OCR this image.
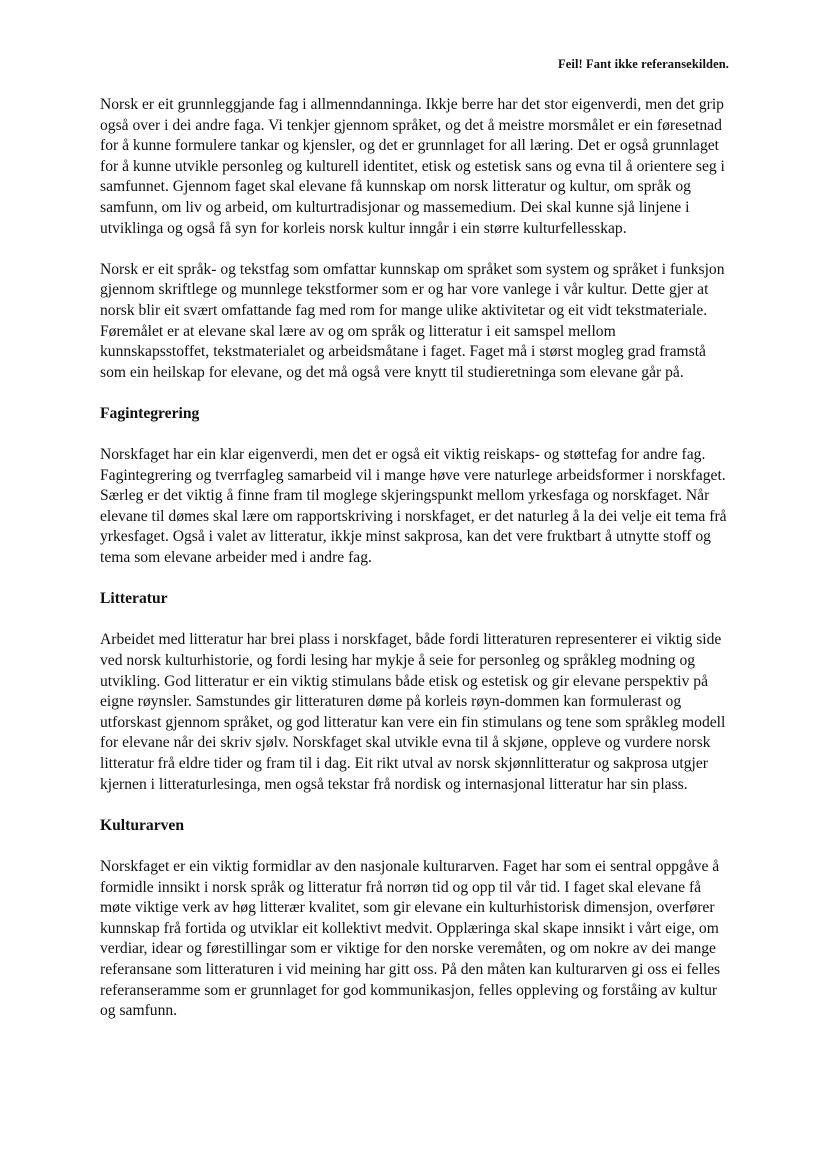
Feil! Fant ikke referansekilden.

Norsk er eit grunnleggjande fag i allmenndanninga. Ikkje berre har det stor eigenverdi, men det grip også over i dei andre faga. Vi tenkjer gjennom språket, og det å meistre morsmålet er ein føresetnad for å kunne formulere tankar og kjensler, og det er grunnlaget for all læring. Det er også grunnlaget for å kunne utvikle personleg og kulturell identitet, etisk og estetisk sans og evna til å orientere seg i samfunnet. Gjennom faget skal elevane få kunnskap om norsk litteratur og kultur, om språk og samfunn, om liv og arbeid, om kulturtradisjonar og massemedium. Dei skal kunne sjå linjene i utviklinga og også få syn for korleis norsk kultur inngår i ein større kulturfellesskap.

Norsk er eit språk- og tekstfag som omfattar kunnskap om språket som system og språket i funksjon gjennom skriftlege og munnlege tekstformer som er og har vore vanlege i vår kultur. Dette gjer at norsk blir eit svært omfattande fag med rom for mange ulike aktivitetar og eit vidt tekstmateriale. Føremålet er at elevane skal lære av og om språk og litteratur i eit samspel mellom kunnskapsstoffet, tekstmaterialet og arbeidsmåtane i faget. Faget må i størst mogleg grad framstå som ein heilskap for elevane, og det må også vere knytt til studieretninga som elevane går på.

Fagintegrering

Norskfaget har ein klar eigenverdi, men det er også eit viktig reiskaps- og støttefag for andre fag. Fagintegrering og tverrfagleg samarbeid vil i mange høve vere naturlege arbeidsformer i norskfaget. Særleg er det viktig å finne fram til moglege skjeringspunkt mellom yrkesfaga og norskfaget. Når elevane til dømes skal lære om rapportskriving i norskfaget, er det naturleg å la dei velje eit tema frå yrkesfaget. Også i valet av litteratur, ikkje minst sakprosa, kan det vere fruktbart å utnytte stoff og tema som elevane arbeider med i andre fag.

Litteratur

Arbeidet med litteratur har brei plass i norskfaget, både fordi litteraturen representerer ei viktig side ved norsk kulturhistorie, og fordi lesing har mykje å seie for personleg og språkleg modning og utvikling. God litteratur er ein viktig stimulans både etisk og estetisk og gir elevane perspektiv på eigne røynsler. Samstundes gir litteraturen døme på korleis røyn-dommen kan formulerast og utforskast gjennom språket, og god litteratur kan vere ein fin stimulans og tene som språkleg modell for elevane når dei skriv sjølv. Norskfaget skal utvikle evna til å skjøne, oppleve og vurdere norsk litteratur frå eldre tider og fram til i dag. Eit rikt utval av norsk skjønnlitteratur og sakprosa utgjer kjernen i litteraturlesinga, men også tekstar frå nordisk og internasjonal litteratur har sin plass.

Kulturarven

Norskfaget er ein viktig formidlar av den nasjonale kulturarven. Faget har som ei sentral oppgåve å formidle innsikt i norsk språk og litteratur frå norrøn tid og opp til vår tid. I faget skal elevane få møte viktige verk av høg litterær kvalitet, som gir elevane ein kulturhistorisk dimensjon, overfører kunnskap frå fortida og utviklar eit kollektivt medvit. Opplæringa skal skape innsikt i vårt eige, om verdiar, idear og førestillingar som er viktige for den norske veremåten, og om nokre av dei mange referansane som litteraturen i vid meining har gitt oss. På den måten kan kulturarven gi oss ei felles referanseramme som er grunnlaget for god kommunikasjon, felles oppleving og forståing av kultur og samfunn.
